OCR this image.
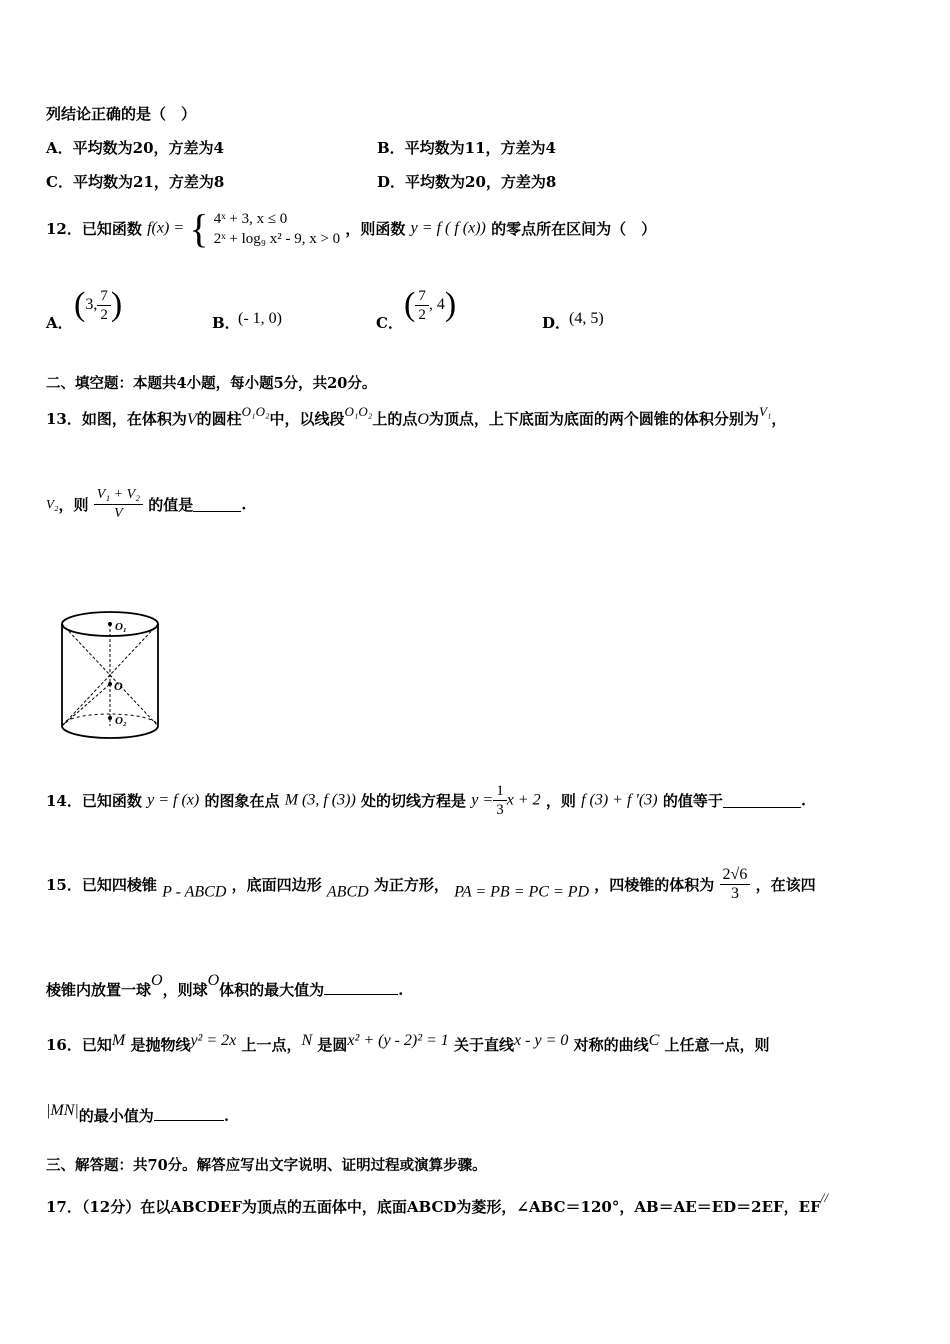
列结论正确的是（　）
A．平均数为20，方差为4	B．平均数为11，方差为4
C．平均数为21，方差为8	D．平均数为20，方差为8
12．已知函数 f(x) = { 4ˣ + 3, x ≤ 0
2ˣ + log₉ x² - 9, x > 0
，则函数 y = f ( f (x)) 的零点所在区间为（　）
A． (3, $\frac{7}{2}$ )	B．
(- 1, 0)	C． ( $\frac{7}{2}$ , 4)	D．
(4, 5)
二、填空题：本题共4小题，每小题5分，共20分。
13．如图，在体积为V的圆柱O₁O₂中，以线段O₁O₂上的点O为顶点，上下底面为底面的两个圆锥的体积分别为V₁，
V₂，则 $\frac{\text{V₁ + V₂}}{V}$ 的值是	.
O₁
O
O₂
14．已知函数 y = f (x) 的图象在点 M (3, f (3)) 处的切线方程是 $y = \frac{1}{3}$ x + 2 ，则 f (3) + f ′(3) 的值等于	.
15．已知四棱锥 P - ABCD ，底面四边形 ABCD 为正方形， PA = PB = PC = PD ，四棱锥的体积为 $\frac{2√6}{3}$ ，在该四
棱锥内放置一球O，则球O体积的最大值为	.
16．已知M 是抛物线y² = 2x 上一点，N 是圆x² + (y - 2)² = 1 关于直线x - y = 0 对称的曲线C 上任意一点，则
|MN|的最小值为	.
三、解答题：共70分。解答应写出文字说明、证明过程或演算步骤。
17．（12分）在以ABCDEF为顶点的五面体中，底面ABCD为菱形，∠ABC＝120°，AB＝AE＝ED＝2EF，EF//
